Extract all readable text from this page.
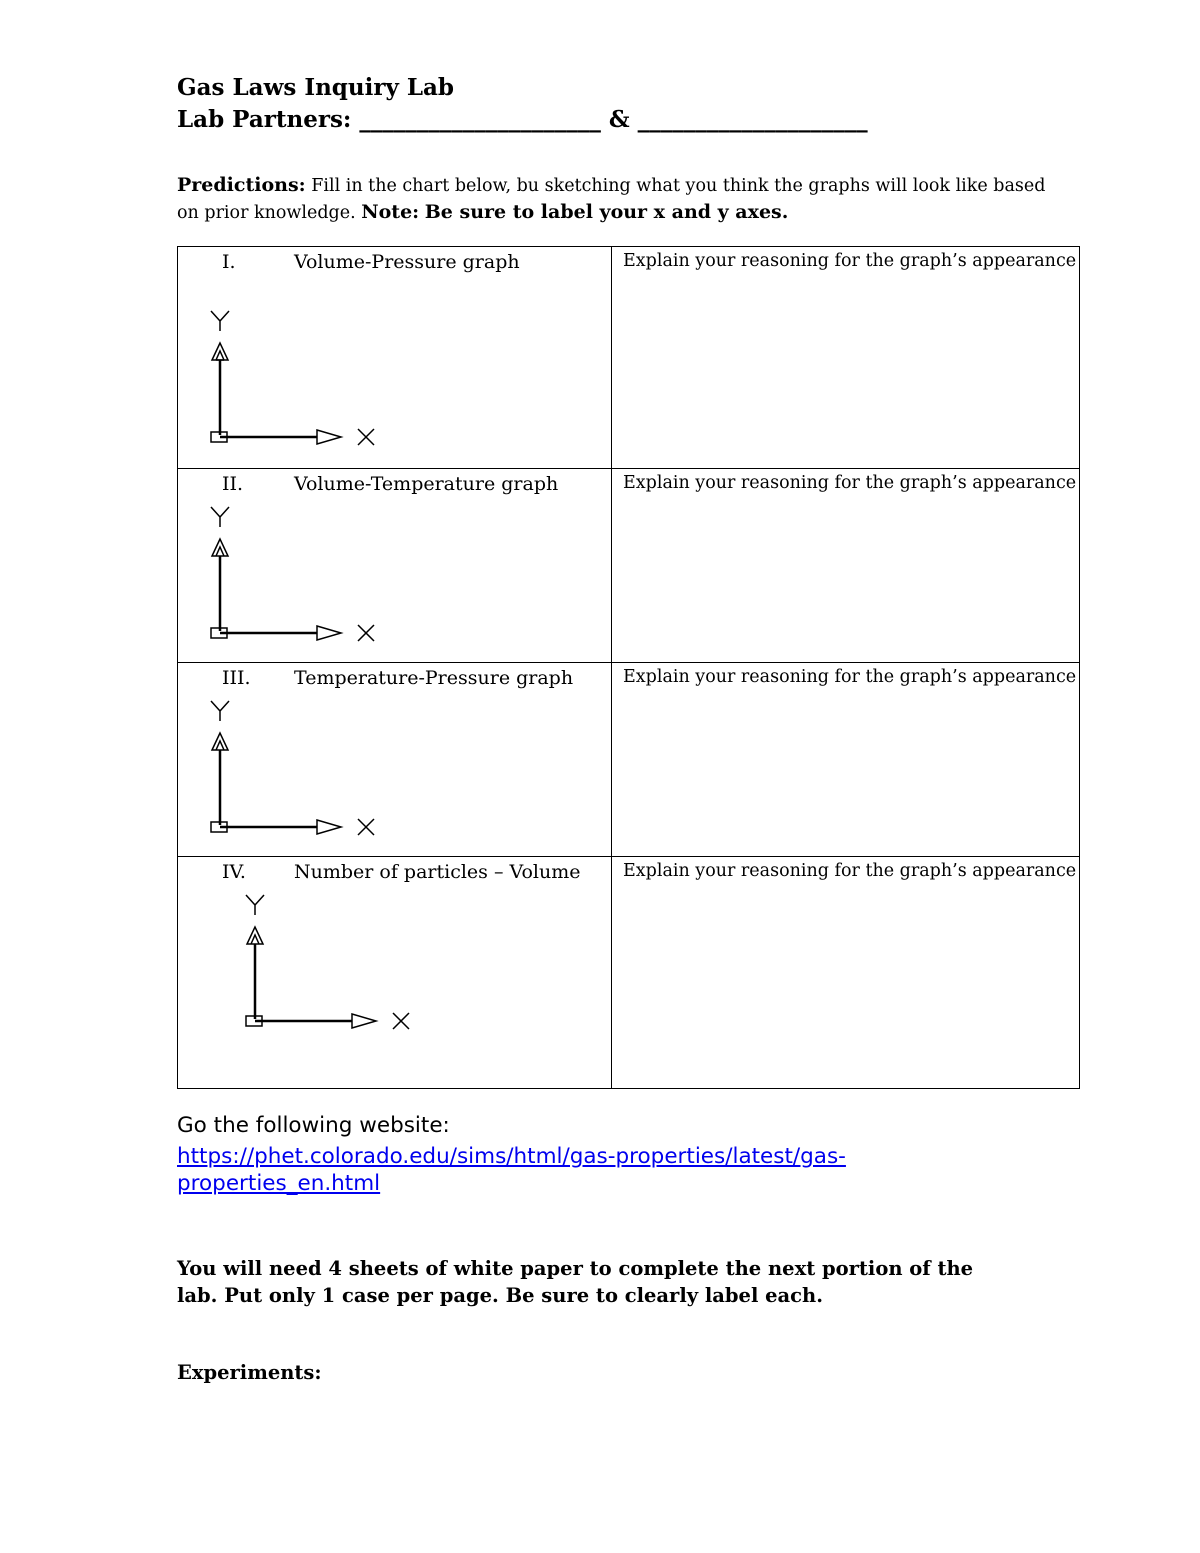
Gas Laws Inquiry Lab
Lab Partners: _____________________ & ____________________
Predictions: Fill in the chart below, bu sketching what you think the graphs will look like based on prior knowledge. Note: Be sure to label your x and y axes.
I. Volume-Pressure graph	Explain your reasoning for the graph’s appearance

II. Volume-Temperature graph	Explain your reasoning for the graph’s appearance

III. Temperature-Pressure graph	Explain your reasoning for the graph’s appearance

IV. Number of particles – Volume	Explain your reasoning for the graph’s appearance
Go the following website:
https://phet.colorado.edu/sims/html/gas-properties/latest/gas-properties_en.html
You will need 4 sheets of white paper to complete the next portion of the lab. Put only 1 case per page. Be sure to clearly label each.
Experiments:
